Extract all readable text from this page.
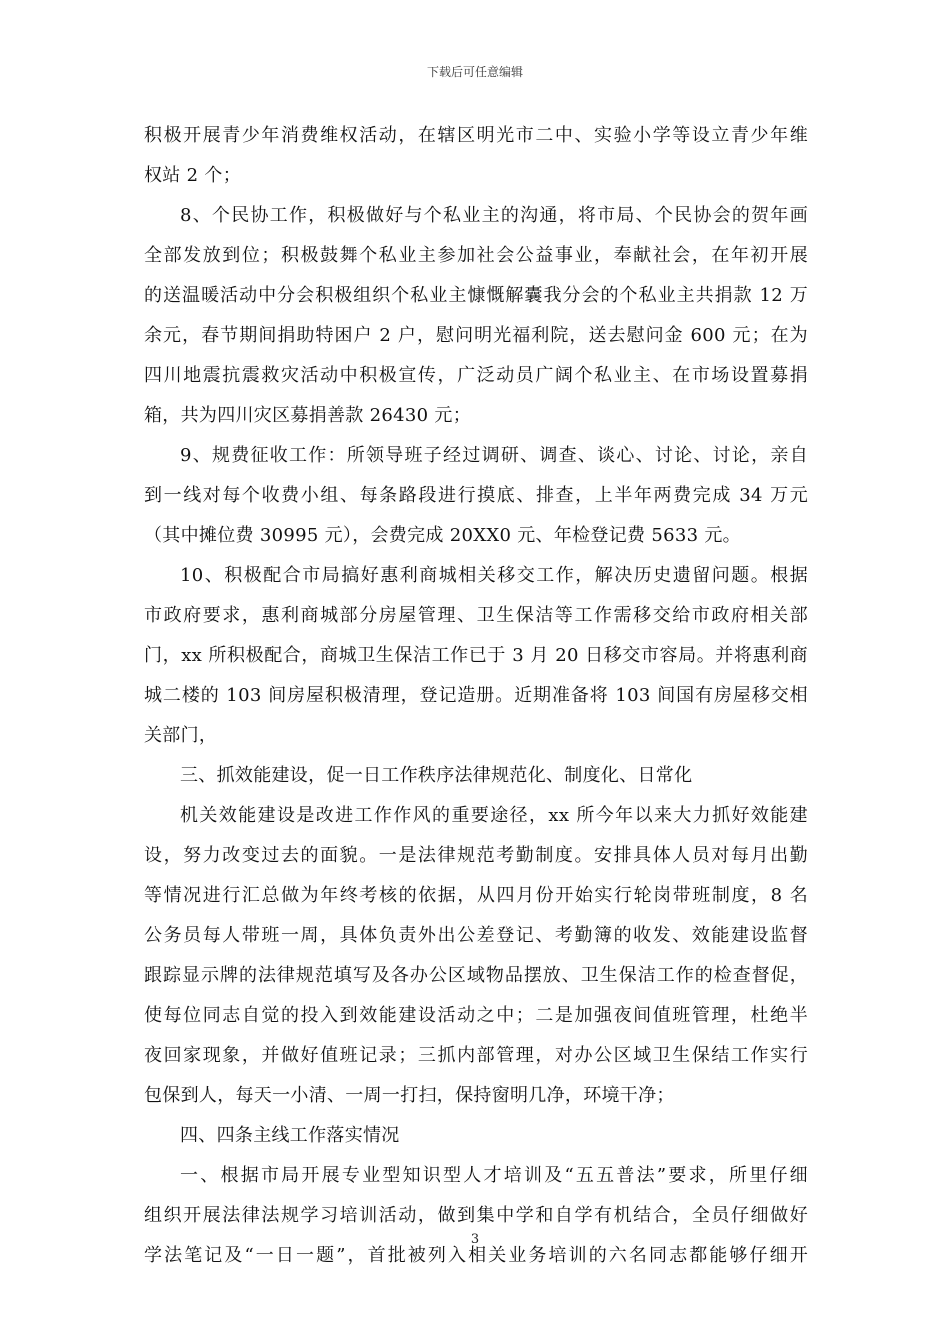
下载后可任意编辑
积极开展青少年消费维权活动，在辖区明光市二中、实验小学等设立青少年维
权站 2 个；
8、个民协工作，积极做好与个私业主的沟通，将市局、个民协会的贺年画
全部发放到位；积极鼓舞个私业主参加社会公益事业，奉献社会，在年初开展
的送温暖活动中分会积极组织个私业主慷慨解囊我分会的个私业主共捐款 12 万
余元，春节期间捐助特困户 2 户，慰问明光福利院，送去慰问金 600 元；在为
四川地震抗震救灾活动中积极宣传，广泛动员广阔个私业主、在市场设置募捐
箱，共为四川灾区募捐善款 26430 元；
9、规费征收工作：所领导班子经过调研、调查、谈心、讨论、讨论，亲自
到一线对每个收费小组、每条路段进行摸底、排查，上半年两费完成 34 万元
（其中摊位费 30995 元），会费完成 20XX0 元、年检登记费 5633 元。
10、积极配合市局搞好惠利商城相关移交工作，解决历史遗留问题。根据
市政府要求，惠利商城部分房屋管理、卫生保洁等工作需移交给市政府相关部
门，xx 所积极配合，商城卫生保洁工作已于 3 月 20 日移交市容局。并将惠利商
城二楼的 103 间房屋积极清理，登记造册。近期准备将 103 间国有房屋移交相
关部门，
三、抓效能建设，促一日工作秩序法律规范化、制度化、日常化
机关效能建设是改进工作作风的重要途径，xx 所今年以来大力抓好效能建
设，努力改变过去的面貌。一是法律规范考勤制度。安排具体人员对每月出勤
等情况进行汇总做为年终考核的依据，从四月份开始实行轮岗带班制度，8 名
公务员每人带班一周，具体负责外出公差登记、考勤簿的收发、效能建设监督
跟踪显示牌的法律规范填写及各办公区域物品摆放、卫生保洁工作的检查督促，
使每位同志自觉的投入到效能建设活动之中；二是加强夜间值班管理，杜绝半
夜回家现象，并做好值班记录；三抓内部管理，对办公区域卫生保结工作实行
包保到人，每天一小清、一周一打扫，保持窗明几净，环境干净；
四、四条主线工作落实情况
一、根据市局开展专业型知识型人才培训及“五五普法”要求，所里仔细
组织开展法律法规学习培训活动，做到集中学和自学有机结合，全员仔细做好
学法笔记及“一日一题”，首批被列入相关业务培训的六名同志都能够仔细开
3
